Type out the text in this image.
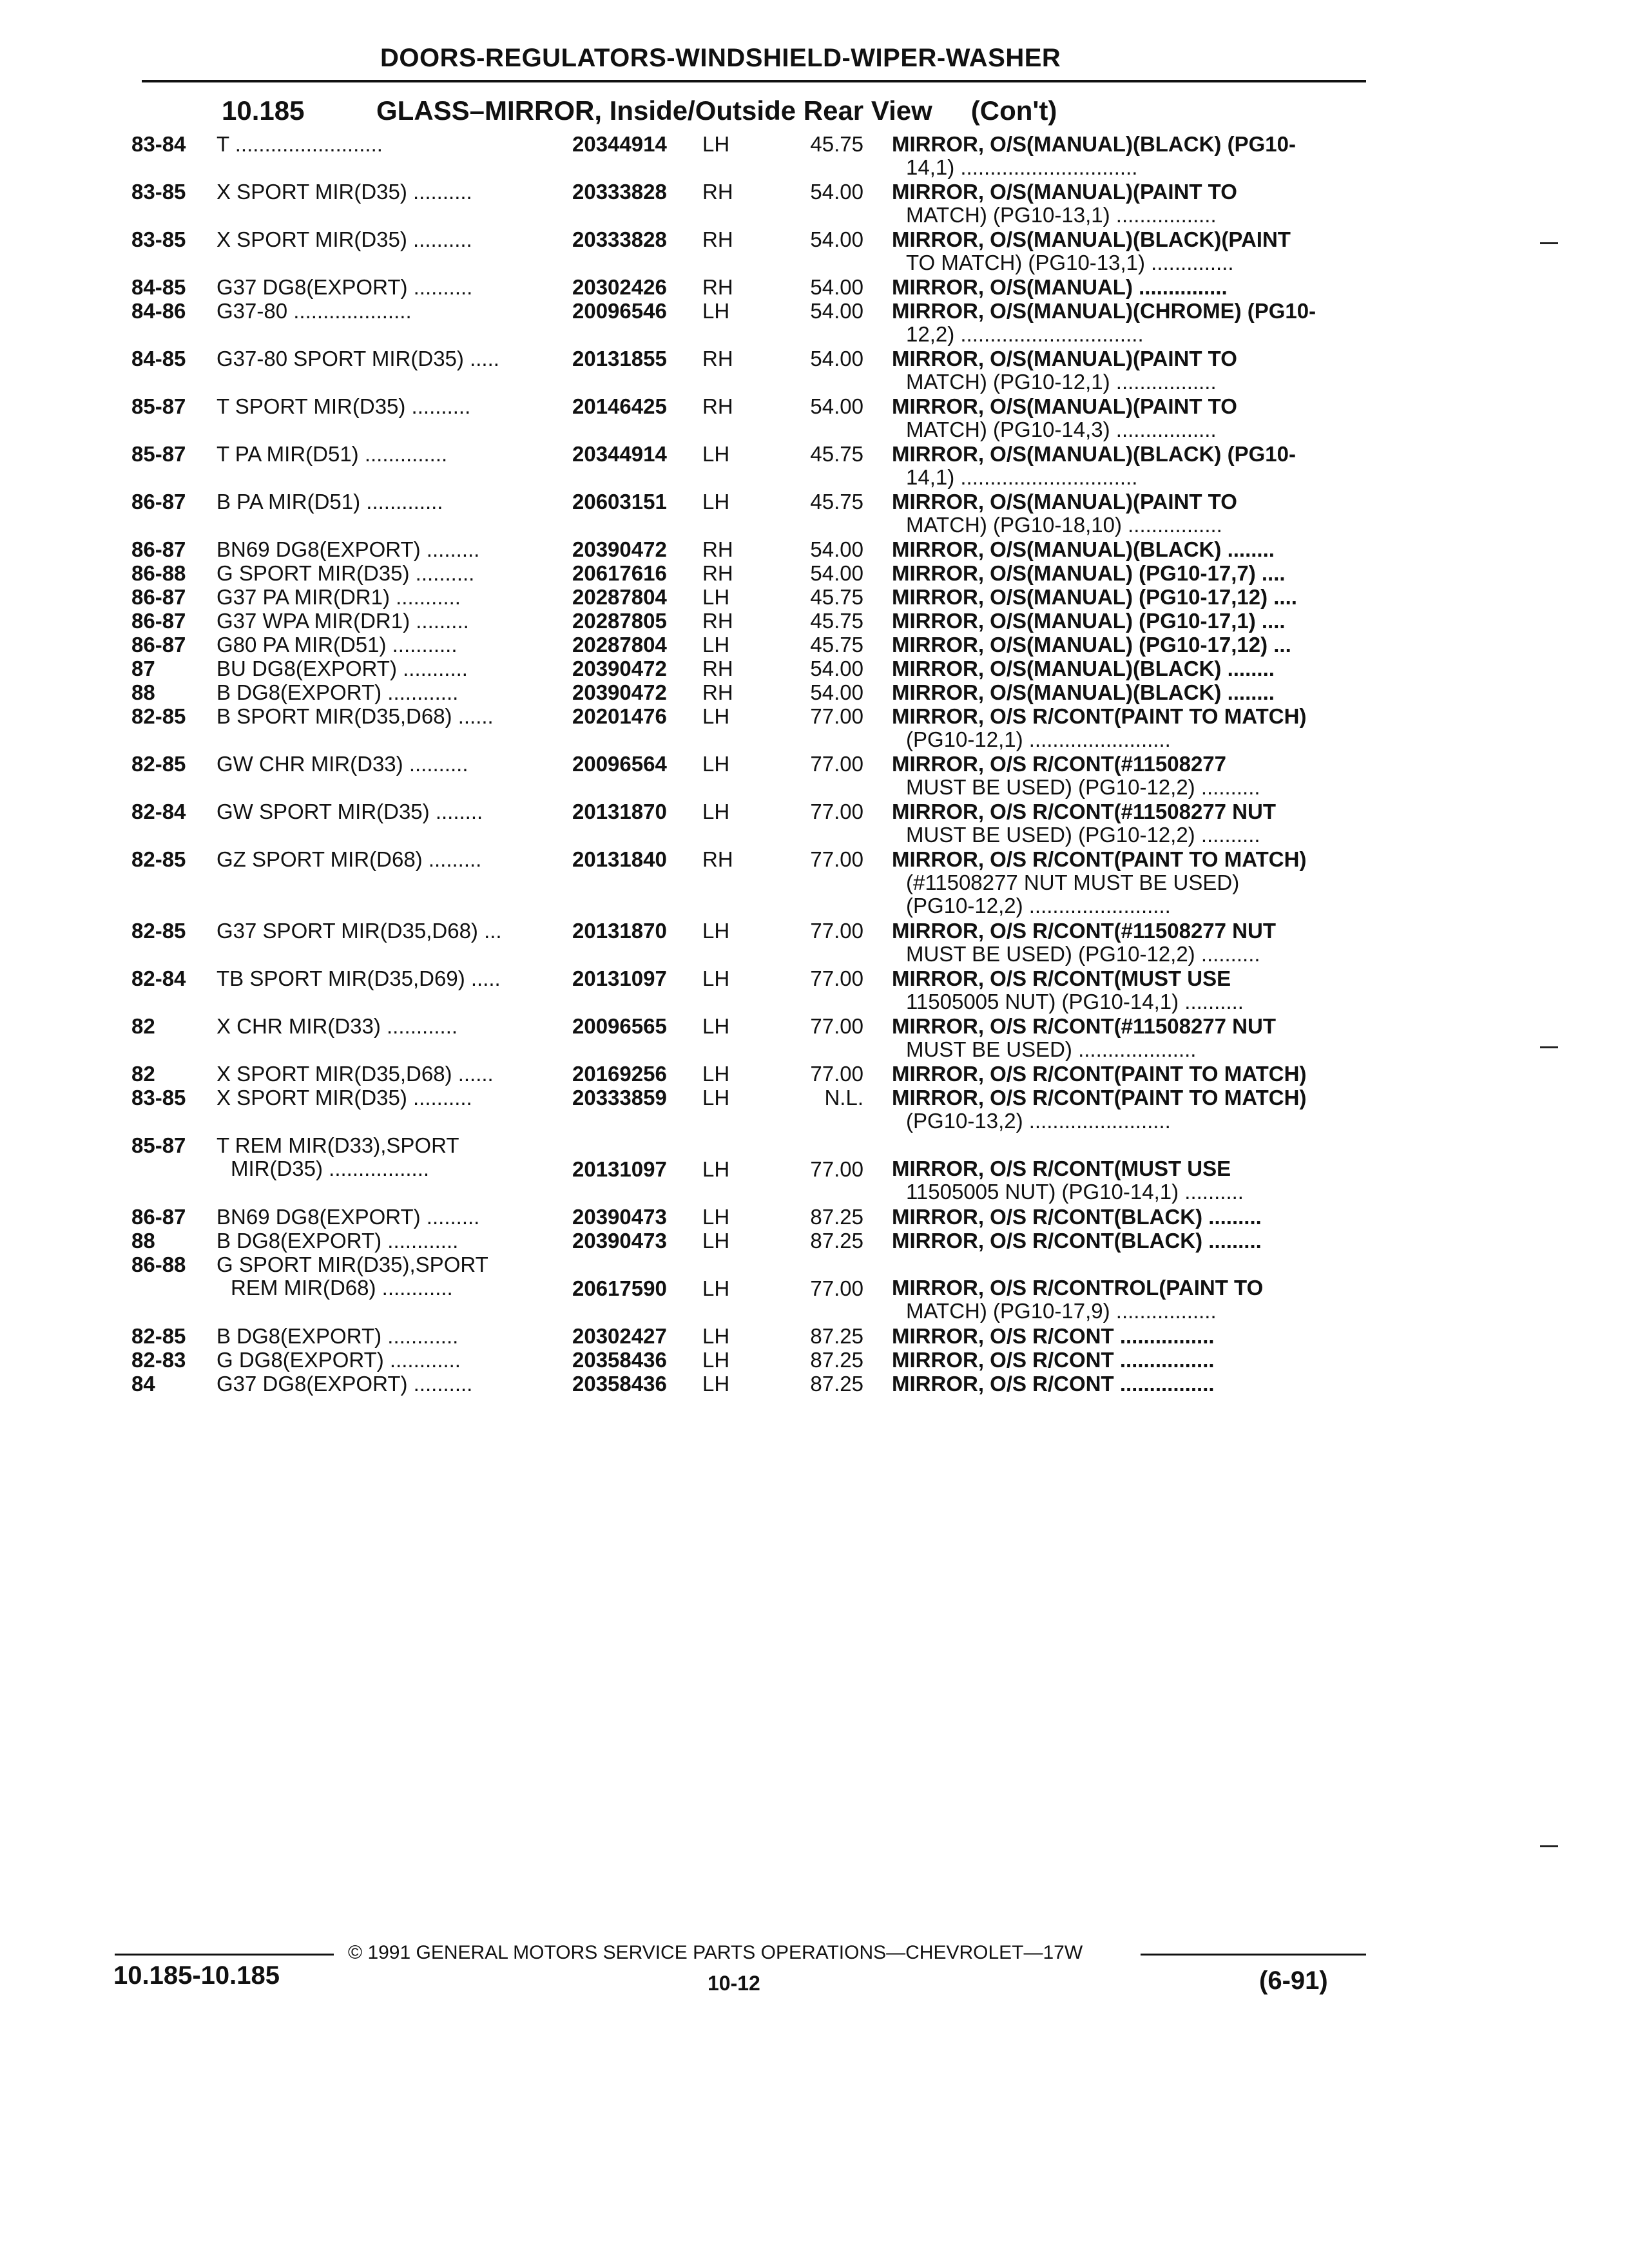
DOORS-REGULATORS-WINDSHIELD-WIPER-WASHER
10.185	GLASS–MIRROR, Inside/Outside Rear View (Con't)
83-84	T .........................	20344914	LH	45.75 MIRROR, O/S(MANUAL)(BLACK) (PG10-
14,1) ..............................
83-85	X SPORT MIR(D35) ..........	20333828	RH	54.00 MIRROR, O/S(MANUAL)(PAINT TO
MATCH) (PG10-13,1) .................
83-85	X SPORT MIR(D35) ..........	20333828	RH	54.00 MIRROR, O/S(MANUAL)(BLACK)(PAINT
TO MATCH) (PG10-13,1) ..............
84-85	G37 DG8(EXPORT) ..........	20302426	RH	54.00 MIRROR, O/S(MANUAL) ...............
84-86	G37-80 ....................	20096546	LH	54.00 MIRROR, O/S(MANUAL)(CHROME) (PG10-
12,2) ...............................
84-85	G37-80 SPORT MIR(D35) .....	20131855	RH	54.00 MIRROR, O/S(MANUAL)(PAINT TO
MATCH) (PG10-12,1) .................
85-87	T SPORT MIR(D35) ..........	20146425	RH	54.00 MIRROR, O/S(MANUAL)(PAINT TO
MATCH) (PG10-14,3) .................
85-87	T PA MIR(D51) ..............	20344914	LH	45.75 MIRROR, O/S(MANUAL)(BLACK) (PG10-
14,1) ..............................
86-87	B PA MIR(D51) .............	20603151	LH	45.75 MIRROR, O/S(MANUAL)(PAINT TO
MATCH) (PG10-18,10) ................
86-87	BN69 DG8(EXPORT) .........	20390472	RH	54.00 MIRROR, O/S(MANUAL)(BLACK) ........
86-88	G SPORT MIR(D35) ..........	20617616	RH	54.00 MIRROR, O/S(MANUAL) (PG10-17,7) ....
86-87	G37 PA MIR(DR1) ...........	20287804	LH	45.75 MIRROR, O/S(MANUAL) (PG10-17,12) ....
86-87	G37 WPA MIR(DR1) .........	20287805	RH	45.75 MIRROR, O/S(MANUAL) (PG10-17,1) ....
86-87	G80 PA MIR(D51) ...........	20287804	LH	45.75 MIRROR, O/S(MANUAL) (PG10-17,12) ...
87	BU DG8(EXPORT) ...........	20390472	RH	54.00 MIRROR, O/S(MANUAL)(BLACK) ........
88	B DG8(EXPORT) ............	20390472	RH	54.00 MIRROR, O/S(MANUAL)(BLACK) ........
82-85	B SPORT MIR(D35,D68) ......	20201476	LH	77.00 MIRROR, O/S R/CONT(PAINT TO MATCH)
(PG10-12,1) ........................
82-85	GW CHR MIR(D33) ..........	20096564	LH	77.00 MIRROR, O/S R/CONT(#11508277
MUST BE USED) (PG10-12,2) ..........
82-84	GW SPORT MIR(D35) ........	20131870	LH	77.00 MIRROR, O/S R/CONT(#11508277 NUT
MUST BE USED) (PG10-12,2) ..........
82-85	GZ SPORT MIR(D68) .........	20131840	RH	77.00 MIRROR, O/S R/CONT(PAINT TO MATCH)
(#11508277 NUT MUST BE USED)
(PG10-12,2) ........................
82-85	G37 SPORT MIR(D35,D68) ...	20131870	LH	77.00 MIRROR, O/S R/CONT(#11508277 NUT
MUST BE USED) (PG10-12,2) ..........
82-84	TB SPORT MIR(D35,D69) .....	20131097	LH	77.00 MIRROR, O/S R/CONT(MUST USE
11505005 NUT) (PG10-14,1) ..........
82	X CHR MIR(D33) ............	20096565	LH	77.00 MIRROR, O/S R/CONT(#11508277 NUT
MUST BE USED) ....................
82	X SPORT MIR(D35,D68) ......	20169256	LH	77.00 MIRROR, O/S R/CONT(PAINT TO MATCH)
83-85	X SPORT MIR(D35) ..........	20333859	LH	N.L. MIRROR, O/S R/CONT(PAINT TO MATCH)
(PG10-13,2) ........................
85-87	T REM MIR(D33),SPORT
MIR(D35) .................	20131097	LH	77.00
MIRROR, O/S R/CONT(MUST USE
11505005 NUT) (PG10-14,1) ..........
86-87	BN69 DG8(EXPORT) .........	20390473	LH	87.25 MIRROR, O/S R/CONT(BLACK) .........
88	B DG8(EXPORT) ............	20390473	LH	87.25 MIRROR, O/S R/CONT(BLACK) .........
86-88	G SPORT MIR(D35),SPORT
REM MIR(D68) ............	20617590	LH	77.00
MIRROR, O/S R/CONTROL(PAINT TO
MATCH) (PG10-17,9) .................
82-85	B DG8(EXPORT) ............	20302427	LH	87.25 MIRROR, O/S R/CONT ................
82-83	G DG8(EXPORT) ............	20358436	LH	87.25 MIRROR, O/S R/CONT ................
84	G37 DG8(EXPORT) ..........	20358436	LH	87.25 MIRROR, O/S R/CONT ................
© 1991 GENERAL MOTORS SERVICE PARTS OPERATIONS—CHEVROLET—17W
10.185-10.185	10-12	(6-91)
